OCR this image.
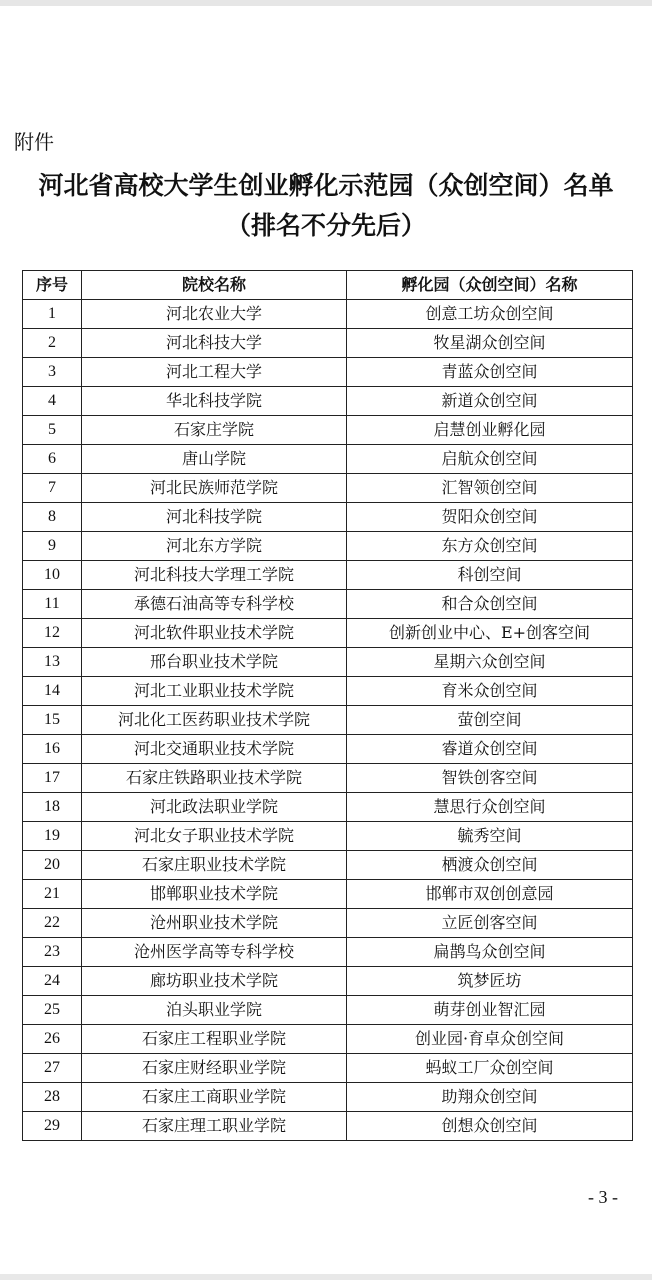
附件
河北省高校大学生创业孵化示范园（众创空间）名单
（排名不分先后）
序号	院校名称	孵化园（众创空间）名称
1	河北农业大学	创意工坊众创空间
2	河北科技大学	牧星湖众创空间
3	河北工程大学	青蓝众创空间
4	华北科技学院	新道众创空间
5	石家庄学院	启慧创业孵化园
6	唐山学院	启航众创空间
7	河北民族师范学院	汇智领创空间
8	河北科技学院	贺阳众创空间
9	河北东方学院	东方众创空间
10	河北科技大学理工学院	科创空间
11	承德石油高等专科学校	和合众创空间
12	河北软件职业技术学院	创新创业中心、E+创客空间
13	邢台职业技术学院	星期六众创空间
14	河北工业职业技术学院	育米众创空间
15	河北化工医药职业技术学院	萤创空间
16	河北交通职业技术学院	睿道众创空间
17	石家庄铁路职业技术学院	智铁创客空间
18	河北政法职业学院	慧思行众创空间
19	河北女子职业技术学院	毓秀空间
20	石家庄职业技术学院	栖渡众创空间
21	邯郸职业技术学院	邯郸市双创创意园
22	沧州职业技术学院	立匠创客空间
23	沧州医学高等专科学校	扁鹊鸟众创空间
24	廊坊职业技术学院	筑梦匠坊
25	泊头职业学院	萌芽创业智汇园
26	石家庄工程职业学院	创业园·育卓众创空间
27	石家庄财经职业学院	蚂蚁工厂众创空间
28	石家庄工商职业学院	助翔众创空间
29	石家庄理工职业学院	创想众创空间
- 3 -
